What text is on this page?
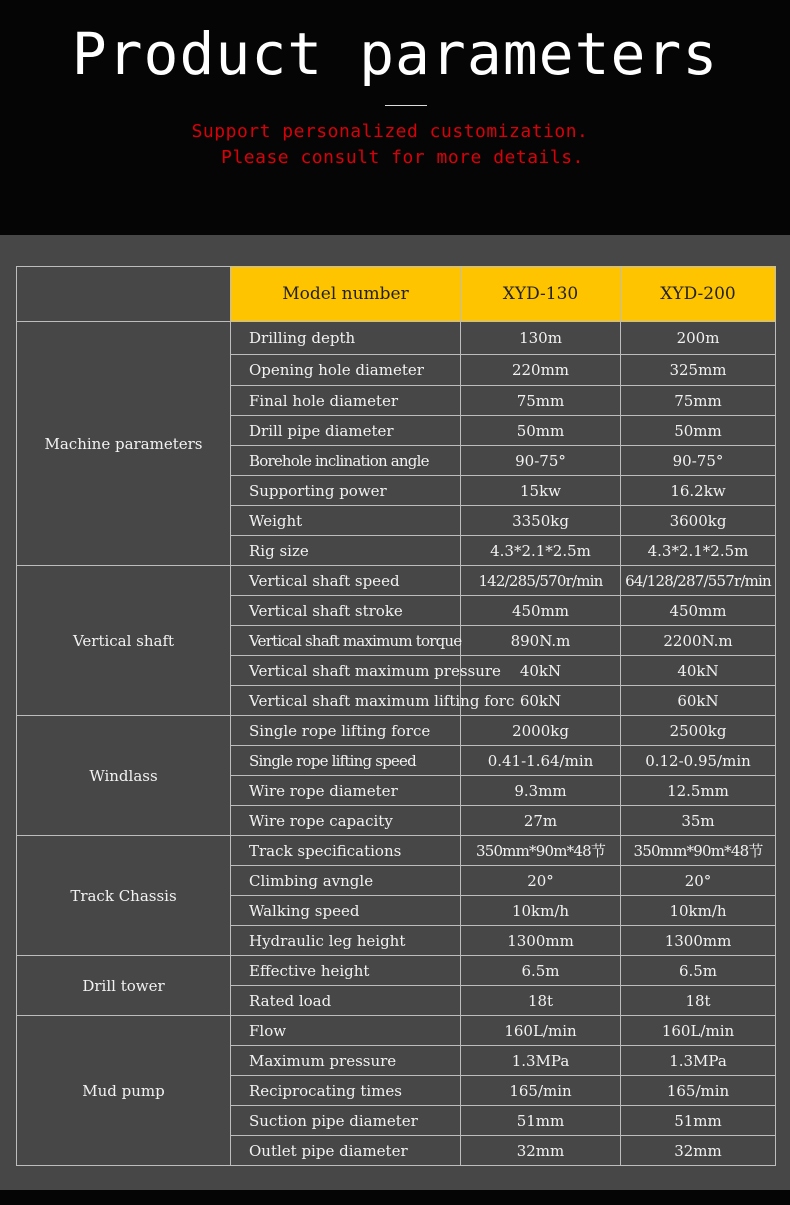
Product parameters
Support personalized customization.
Please consult for more details.
	Model number	XYD-130	XYD-200
Machine parameters	Drilling depth	130m	200m
	Opening hole diameter	220mm	325mm
	Final hole diameter	75mm	75mm
	Drill pipe diameter	50mm	50mm
	Borehole inclination angle	90-75°	90-75°
	Supporting power	15kw	16.2kw
	Weight	3350kg	3600kg
	Rig size	4.3*2.1*2.5m	4.3*2.1*2.5m
Vertical shaft	Vertical shaft speed	142/285/570r/min	64/128/287/557r/min
	Vertical shaft stroke	450mm	450mm
	Vertical shaft maximum torque	890N.m	2200N.m
	Vertical shaft maximum pressure	40kN	40kN
	Vertical shaft maximum lifting forc	60kN	60kN
Windlass	Single rope lifting force	2000kg	2500kg
	Single rope lifting speed	0.41-1.64/min	0.12-0.95/min
	Wire rope diameter	9.3mm	12.5mm
	Wire rope capacity	27m	35m
Track Chassis	Track specifications	350mm*90m*48节	350mm*90m*48节
	Climbing avngle	20°	20°
	Walking speed	10km/h	10km/h
	Hydraulic leg height	1300mm	1300mm
Drill tower	Effective height	6.5m	6.5m
	Rated load	18t	18t
Mud pump	Flow	160L/min	160L/min
	Maximum pressure	1.3MPa	1.3MPa
	Reciprocating times	165/min	165/min
	Suction pipe diameter	51mm	51mm
	Outlet pipe diameter	32mm	32mm
